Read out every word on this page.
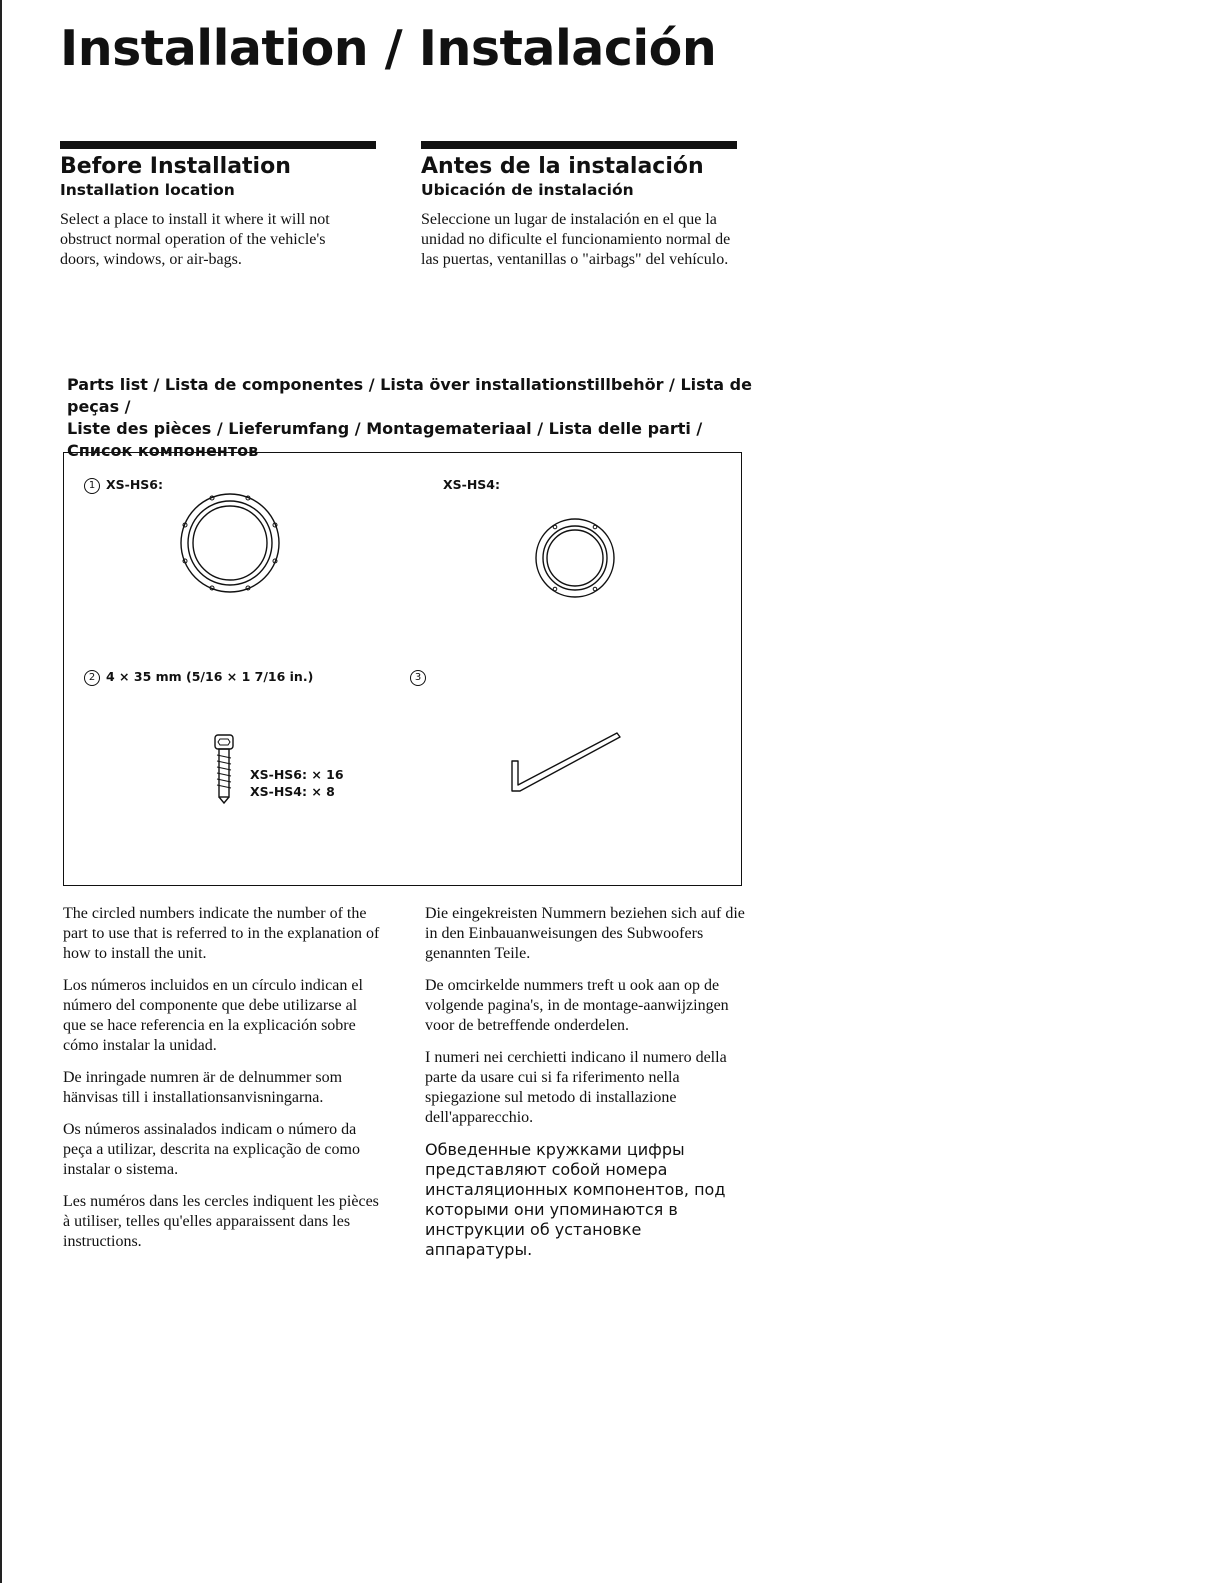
Installation / Instalación
Before Installation
Installation location

Select a place to install it where it will not obstruct normal operation of the vehicle's doors, windows, or air-bags.

Antes de la instalación
Ubicación de instalación

Seleccione un lugar de instalación en el que la unidad no dificulte el funcionamiento normal de las puertas, ventanillas o "airbags" del vehículo.

Parts list / Lista de componentes / Lista över installationstillbehör / Lista de peças /
Liste des pièces / Lieferumfang / Montagemateriaal / Lista delle parti /
Список компонентов
1 XS-HS6:	XS-HS4:
2 4 × 35 mm (5/16 × 1 7/16 in.)
XS-HS6: × 16
XS-HS4: × 8
3

The circled numbers indicate the number of the part to use that is referred to in the explanation of how to install the unit.

Los números incluidos en un círculo indican el número del componente que debe utilizarse al que se hace referencia en la explicación sobre cómo instalar la unidad.

De inringade numren är de delnummer som hänvisas till i installationsanvisningarna.

Os números assinalados indicam o número da peça a utilizar, descrita na explicação de como instalar o sistema.

Les numéros dans les cercles indiquent les pièces à utiliser, telles qu'elles apparaissent dans les instructions.

Die eingekreisten Nummern beziehen sich auf die in den Einbauanweisungen des Subwoofers genannten Teile.

De omcirkelde nummers treft u ook aan op de volgende pagina's, in de montage-aanwijzingen voor de betreffende onderdelen.

I numeri nei cerchietti indicano il numero della parte da usare cui si fa riferimento nella spiegazione sul metodo di installazione dell'apparecchio.

Обведенные кружками цифры представляют собой номера инсталяционных компонентов, под которыми они упоминаются в инструкции об установке аппаратуры.
